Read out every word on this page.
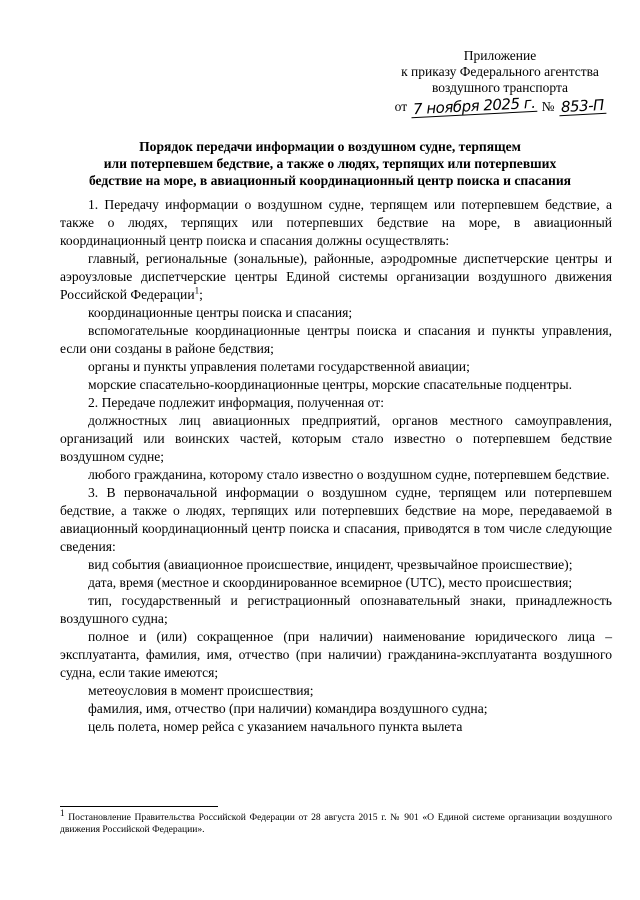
Приложение
к приказу Федерального агентства
воздушного транспорта
от 7 ноября 2025 г. № 853-П
Порядок передачи информации о воздушном судне, терпящем
или потерпевшем бедствие, а также о людях, терпящих или потерпевших
бедствие на море, в авиационный координационный центр поиска и спасания

1. Передачу информации о воздушном судне, терпящем или потерпевшем бедствие, а также о людях, терпящих или потерпевших бедствие на море, в авиационный координационный центр поиска и спасания должны осуществлять:

главный, региональные (зональные), районные, аэродромные диспетчерские центры и аэроузловые диспетчерские центры Единой системы организации воздушного движения Российской Федерации$^1$;

координационные центры поиска и спасания;

вспомогательные координационные центры поиска и спасания и пункты управления, если они созданы в районе бедствия;

органы и пункты управления полетами государственной авиации;

морские спасательно-координационные центры, морские спасательные подцентры.

2. Передаче подлежит информация, полученная от:

должностных лиц авиационных предприятий, органов местного самоуправления, организаций или воинских частей, которым стало известно о потерпевшем бедствие воздушном судне;

любого гражданина, которому стало известно о воздушном судне, потерпевшем бедствие.

3. В первоначальной информации о воздушном судне, терпящем или потерпевшем бедствие, а также о людях, терпящих или потерпевших бедствие на море, передаваемой в авиационный координационный центр поиска и спасания, приводятся в том числе следующие сведения:

вид события (авиационное происшествие, инцидент, чрезвычайное происшествие);

дата, время (местное и скоординированное всемирное (UTC), место происшествия;

тип, государственный и регистрационный опознавательный знаки, принадлежность воздушного судна;

полное и (или) сокращенное (при наличии) наименование юридического лица – эксплуатанта, фамилия, имя, отчество (при наличии) гражданина-эксплуатанта воздушного судна, если такие имеются;

метеоусловия в момент происшествия;

фамилия, имя, отчество (при наличии) командира воздушного судна;

цель полета, номер рейса с указанием начального пункта вылета

$^1$ Постановление Правительства Российской Федерации от 28 августа 2015 г. № 901 «О Единой системе организации воздушного движения Российской Федерации».
